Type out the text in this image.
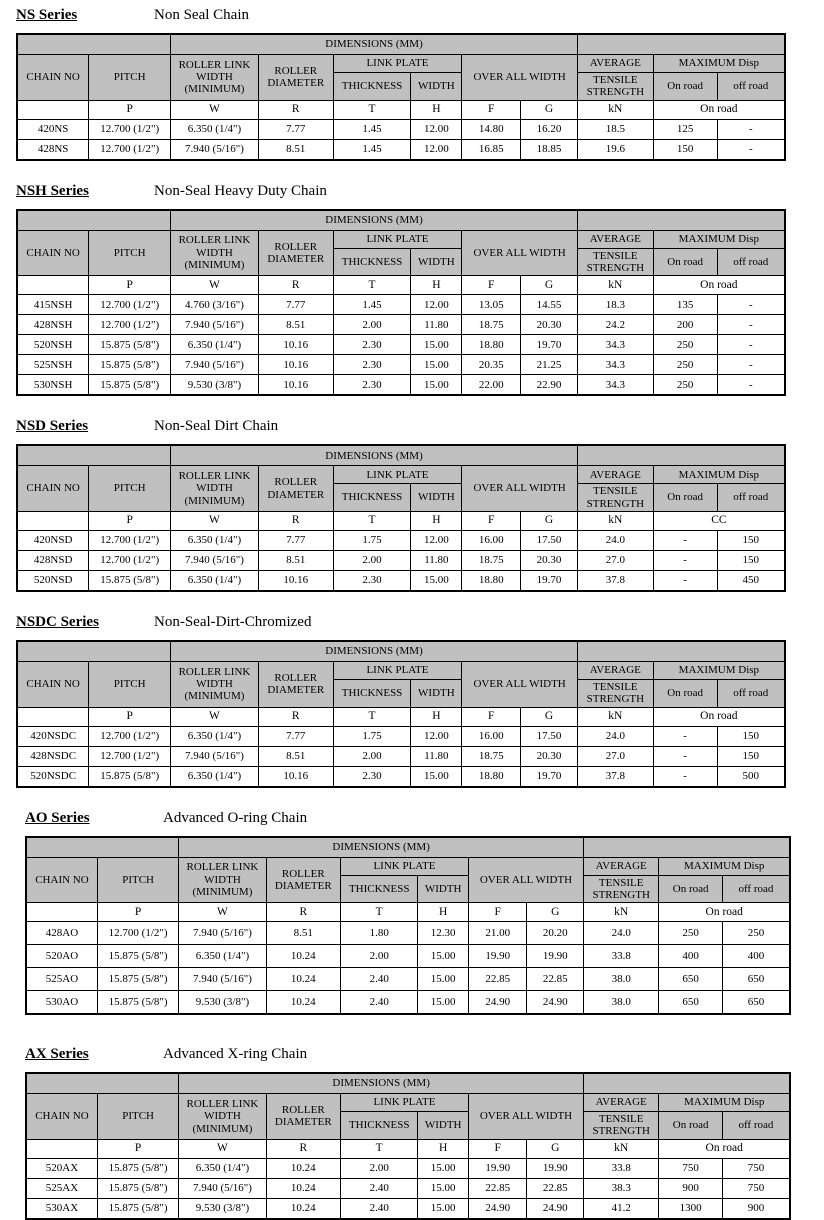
NS Series	Non Seal Chain
		DIMENSIONS (MM)								
CHAIN NO	PITCH	ROLLER LINK WIDTH (MINIMUM)	ROLLER DIAMETER	LINK PLATE		OVER ALL WIDTH		AVERAGE	MAXIMUM Disp	
				THICKNESS	WIDTH			TENSILE STRENGTH		
									On road	off road
	P	W	R	T	H	F	G	kN	On road	
420NS	12.700 (1/2")	6.350 (1/4")	7.77	1.45	12.00	14.80	16.20	18.5	125	-
428NS	12.700 (1/2")	7.940 (5/16")	8.51	1.45	12.00	16.85	18.85	19.6	150	-
NSH Series	Non-Seal Heavy Duty Chain
		DIMENSIONS (MM)								
CHAIN NO	PITCH	ROLLER LINK WIDTH (MINIMUM)	ROLLER DIAMETER	LINK PLATE		OVER ALL WIDTH		AVERAGE	MAXIMUM Disp	
				THICKNESS	WIDTH			TENSILE STRENGTH		
									On road	off road
	P	W	R	T	H	F	G	kN	On road	
415NSH	12.700 (1/2")	4.760 (3/16")	7.77	1.45	12.00	13.05	14.55	18.3	135	-
428NSH	12.700 (1/2")	7.940 (5/16")	8.51	2.00	11.80	18.75	20.30	24.2	200	-
520NSH	15.875 (5/8")	6.350 (1/4")	10.16	2.30	15.00	18.80	19.70	34.3	250	-
525NSH	15.875 (5/8")	7.940 (5/16")	10.16	2.30	15.00	20.35	21.25	34.3	250	-
530NSH	15.875 (5/8")	9.530 (3/8")	10.16	2.30	15.00	22.00	22.90	34.3	250	-
NSD Series	Non-Seal Dirt Chain
		DIMENSIONS (MM)								
CHAIN NO	PITCH	ROLLER LINK WIDTH (MINIMUM)	ROLLER DIAMETER	LINK PLATE		OVER ALL WIDTH		AVERAGE	MAXIMUM Disp	
				THICKNESS	WIDTH			TENSILE STRENGTH		
									On road	off road
	P	W	R	T	H	F	G	kN	CC	
420NSD	12.700 (1/2")	6.350 (1/4")	7.77	1.75	12.00	16.00	17.50	24.0	-	150
428NSD	12.700 (1/2")	7.940 (5/16")	8.51	2.00	11.80	18.75	20.30	27.0	-	150
520NSD	15.875 (5/8")	6.350 (1/4")	10.16	2.30	15.00	18.80	19.70	37.8	-	450
NSDC Series	Non-Seal-Dirt-Chromized
		DIMENSIONS (MM)								
CHAIN NO	PITCH	ROLLER LINK WIDTH (MINIMUM)	ROLLER DIAMETER	LINK PLATE		OVER ALL WIDTH		AVERAGE	MAXIMUM Disp	
				THICKNESS	WIDTH			TENSILE STRENGTH		
									On road	off road
	P	W	R	T	H	F	G	kN	On road	
420NSDC	12.700 (1/2")	6.350 (1/4")	7.77	1.75	12.00	16.00	17.50	24.0	-	150
428NSDC	12.700 (1/2")	7.940 (5/16")	8.51	2.00	11.80	18.75	20.30	27.0	-	150
520NSDC	15.875 (5/8")	6.350 (1/4")	10.16	2.30	15.00	18.80	19.70	37.8	-	500
AO Series	Advanced O-ring Chain
		DIMENSIONS (MM)								
CHAIN NO	PITCH	ROLLER LINK WIDTH (MINIMUM)	ROLLER DIAMETER	LINK PLATE		OVER ALL WIDTH		AVERAGE	MAXIMUM Disp	
				THICKNESS	WIDTH			TENSILE STRENGTH		
									On road	off road
	P	W	R	T	H	F	G	kN	On road	
428AO	12.700 (1/2")	7.940 (5/16")	8.51	1.80	12.30	21.00	20.20	24.0	250	250
520AO	15.875 (5/8")	6.350 (1/4")	10.24	2.00	15.00	19.90	19.90	33.8	400	400
525AO	15.875 (5/8")	7.940 (5/16")	10.24	2.40	15.00	22.85	22.85	38.0	650	650
530AO	15.875 (5/8")	9.530 (3/8")	10.24	2.40	15.00	24.90	24.90	38.0	650	650
AX Series	Advanced X-ring Chain
		DIMENSIONS (MM)								
CHAIN NO	PITCH	ROLLER LINK WIDTH (MINIMUM)	ROLLER DIAMETER	LINK PLATE		OVER ALL WIDTH		AVERAGE	MAXIMUM Disp	
				THICKNESS	WIDTH			TENSILE STRENGTH		
									On road	off road
	P	W	R	T	H	F	G	kN	On road	
520AX	15.875 (5/8")	6.350 (1/4")	10.24	2.00	15.00	19.90	19.90	33.8	750	750
525AX	15.875 (5/8")	7.940 (5/16")	10.24	2.40	15.00	22.85	22.85	38.3	900	750
530AX	15.875 (5/8")	9.530 (3/8")	10.24	2.40	15.00	24.90	24.90	41.2	1300	900
